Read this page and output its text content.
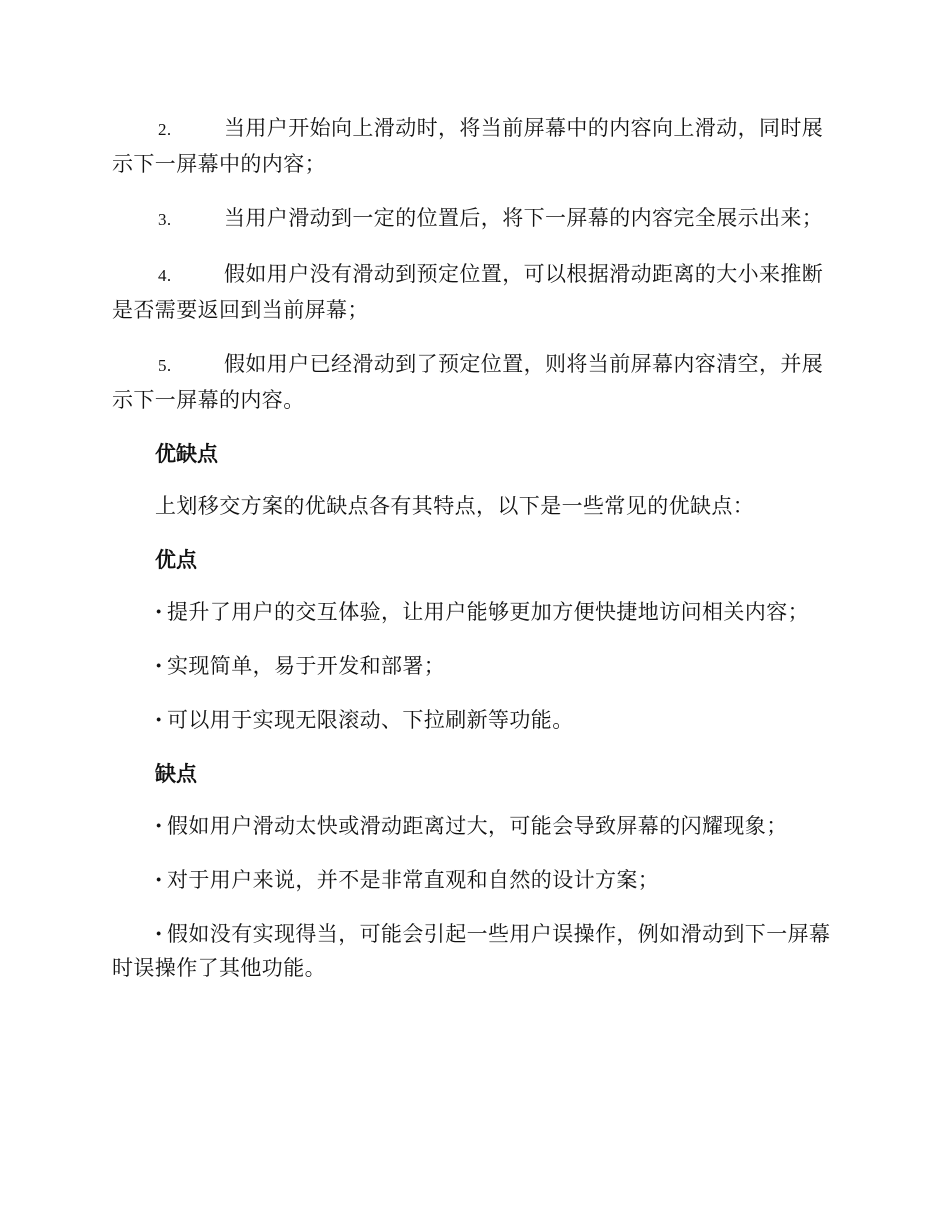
2. 当用户开始向上滑动时，将当前屏幕中的内容向上滑动，同时展示下一屏幕中的内容；

3. 当用户滑动到一定的位置后，将下一屏幕的内容完全展示出来；

4. 假如用户没有滑动到预定位置，可以根据滑动距离的大小来推断是否需要返回到当前屏幕；

5. 假如用户已经滑动到了预定位置，则将当前屏幕内容清空，并展示下一屏幕的内容。

优缺点

上划移交方案的优缺点各有其特点，以下是一些常见的优缺点：

优点

· 提升了用户的交互体验，让用户能够更加方便快捷地访问相关内容；

· 实现简单，易于开发和部署；

· 可以用于实现无限滚动、下拉刷新等功能。

缺点

· 假如用户滑动太快或滑动距离过大，可能会导致屏幕的闪耀现象；

· 对于用户来说，并不是非常直观和自然的设计方案；

· 假如没有实现得当，可能会引起一些用户误操作，例如滑动到下一屏幕时误操作了其他功能。
